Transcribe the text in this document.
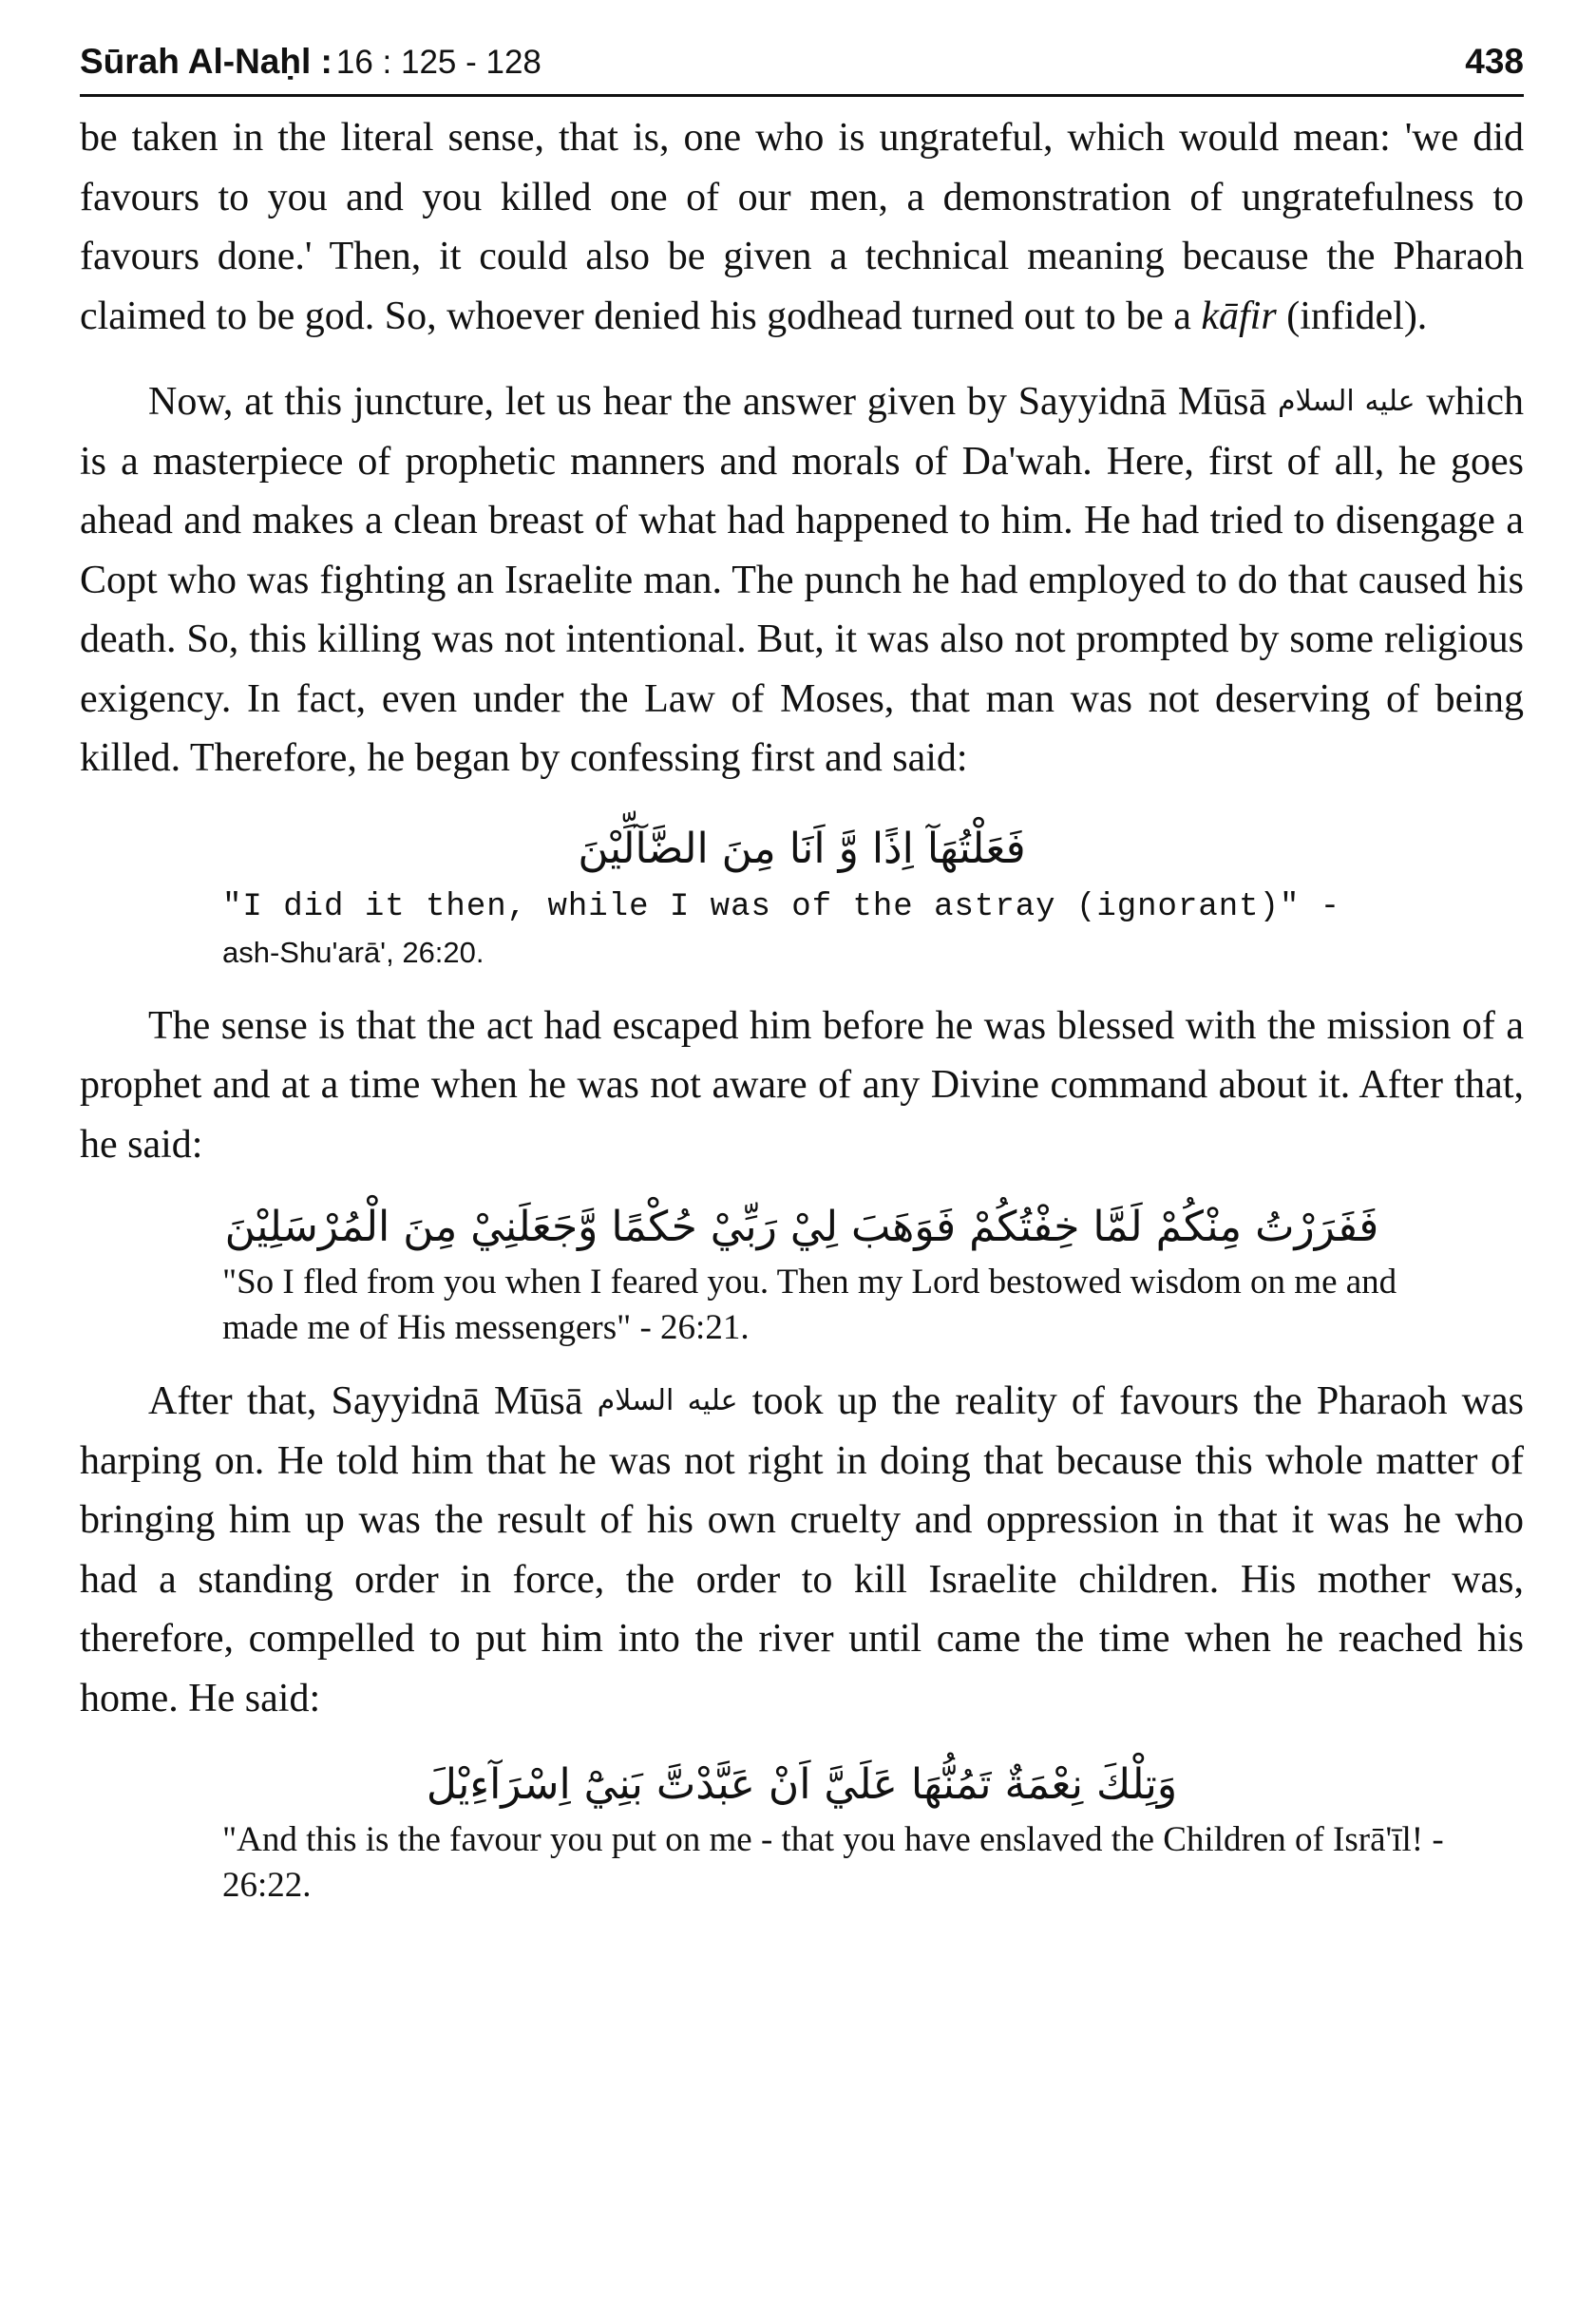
Sūrah Al-Naḥl : 16 : 125 - 128	438

be taken in the literal sense, that is, one who is ungrateful, which would mean: 'we did favours to you and you killed one of our men, a demonstration of ungratefulness to favours done.' Then, it could also be given a technical meaning because the Pharaoh claimed to be god. So, whoever denied his godhead turned out to be a kāfir (infidel).

Now, at this juncture, let us hear the answer given by Sayyidnā Mūsā عليه السلام which is a masterpiece of prophetic manners and morals of Da'wah. Here, first of all, he goes ahead and makes a clean breast of what had happened to him. He had tried to disengage a Copt who was fighting an Israelite man. The punch he had employed to do that caused his death. So, this killing was not intentional. But, it was also not prompted by some religious exigency. In fact, even under the Law of Moses, that man was not deserving of being killed. Therefore, he began by confessing first and said:

فَعَلْتُهَآ اِذًا وَّ اَنَا مِنَ الضَّآلِّيْنَ

"I did it then, while I was of the astray (ignorant)" -
ash-Shu'arā', 26:20.

The sense is that the act had escaped him before he was blessed with the mission of a prophet and at a time when he was not aware of any Divine command about it. After that, he said:

فَفَرَرْتُ مِنْكُمْ لَمَّا خِفْتُكُمْ فَوَهَبَ لِيْ رَبِّيْ حُكْمًا وَّجَعَلَنِيْ مِنَ الْمُرْسَلِيْنَ

"So I fled from you when I feared you. Then my Lord bestowed wisdom on me and made me of His messengers" - 26:21.

After that, Sayyidnā Mūsā عليه السلام took up the reality of favours the Pharaoh was harping on. He told him that he was not right in doing that because this whole matter of bringing him up was the result of his own cruelty and oppression in that it was he who had a standing order in force, the order to kill Israelite children. His mother was, therefore, compelled to put him into the river until came the time when he reached his home. He said:

وَتِلْكَ نِعْمَةٌ تَمُنُّهَا عَلَيَّ اَنْ عَبَّدْتَّ بَنِيْٓ اِسْرَآءِيْلَ

"And this is the favour you put on me - that you have enslaved the Children of Isrā'īl! - 26:22.
